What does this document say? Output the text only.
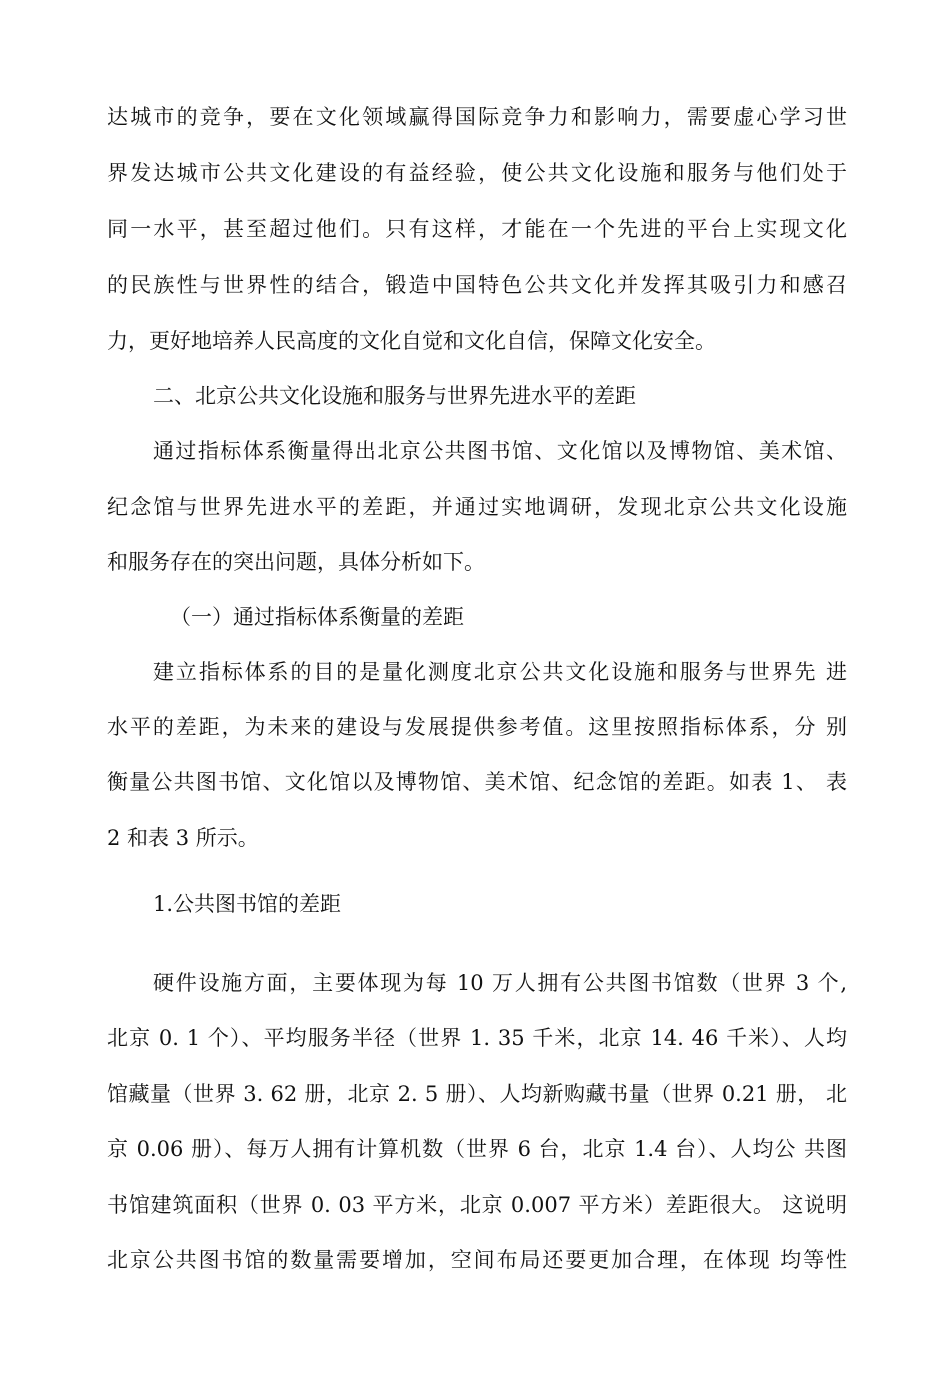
达城市的竞争，要在文化领域赢得国际竞争力和影响力，需要虚心学习世
界发达城市公共文化建设的有益经验，使公共文化设施和服务与他们处于
同一水平，甚至超过他们。只有这样，才能在一个先进的平台上实现文化
的民族性与世界性的结合，锻造中国特色公共文化并发挥其吸引力和感召
力，更好地培养人民高度的文化自觉和文化自信，保障文化安全。
二、北京公共文化设施和服务与世界先进水平的差距
通过指标体系衡量得出北京公共图书馆、文化馆以及博物馆、美术馆、
纪念馆与世界先进水平的差距，并通过实地调研，发现北京公共文化设施
和服务存在的突出问题，具体分析如下。
（一）通过指标体系衡量的差距
建立指标体系的目的是量化测度北京公共文化设施和服务与世界先 进
水平的差距，为未来的建设与发展提供参考值。这里按照指标体系，分 别
衡量公共图书馆、文化馆以及博物馆、美术馆、纪念馆的差距。如表 1、 表
2 和表 3 所示。
1.公共图书馆的差距
硬件设施方面，主要体现为每 10 万人拥有公共图书馆数（世界 3 个,
北京 0. 1 个）、平均服务半径（世界 1. 35 千米，北京 14. 46 千米）、人均
馆藏量（世界 3. 62 册，北京 2. 5 册）、人均新购藏书量（世界 0.21 册， 北
京 0.06 册）、每万人拥有计算机数（世界 6 台，北京 1.4 台）、人均公 共图
书馆建筑面积（世界 0. 03 平方米，北京 0.007 平方米）差距很大。 这说明
北京公共图书馆的数量需要增加，空间布局还要更加合理，在体现 均等性
